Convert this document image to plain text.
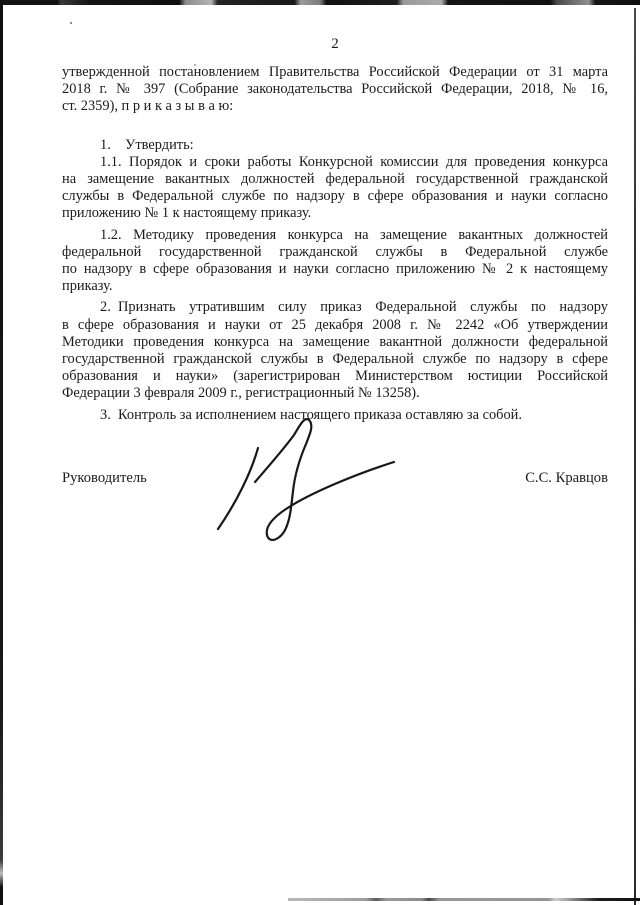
2
утвержденной постановлением Правительства Российской Федерации от 31 марта
2018 г. № 397 (Собрание законодательства Российской Федерации, 2018, № 16,
ст. 2359), п р и к а з ы в а ю:
1. Утвердить:
1.1. Порядок и сроки работы Конкурсной комиссии для проведения конкурса
на замещение вакантных должностей федеральной государственной гражданской
службы в Федеральной службе по надзору в сфере образования и науки согласно
приложению № 1 к настоящему приказу.
1.2. Методику проведения конкурса на замещение вакантных должностей
федеральной государственной гражданской службы в Федеральной службе
по надзору в сфере образования и науки согласно приложению № 2 к настоящему
приказу.
2. Признать утратившим силу приказ Федеральной службы по надзору
в сфере образования и науки от 25 декабря 2008 г. № 2242 «Об утверждении
Методики проведения конкурса на замещение вакантной должности федеральной
государственной гражданской службы в Федеральной службе по надзору в сфере
образования и науки» (зарегистрирован Министерством юстиции Российской
Федерации 3 февраля 2009 г., регистрационный № 13258).
3. Контроль за исполнением настоящего приказа оставляю за собой.
Руководитель	С.С. Кравцов
